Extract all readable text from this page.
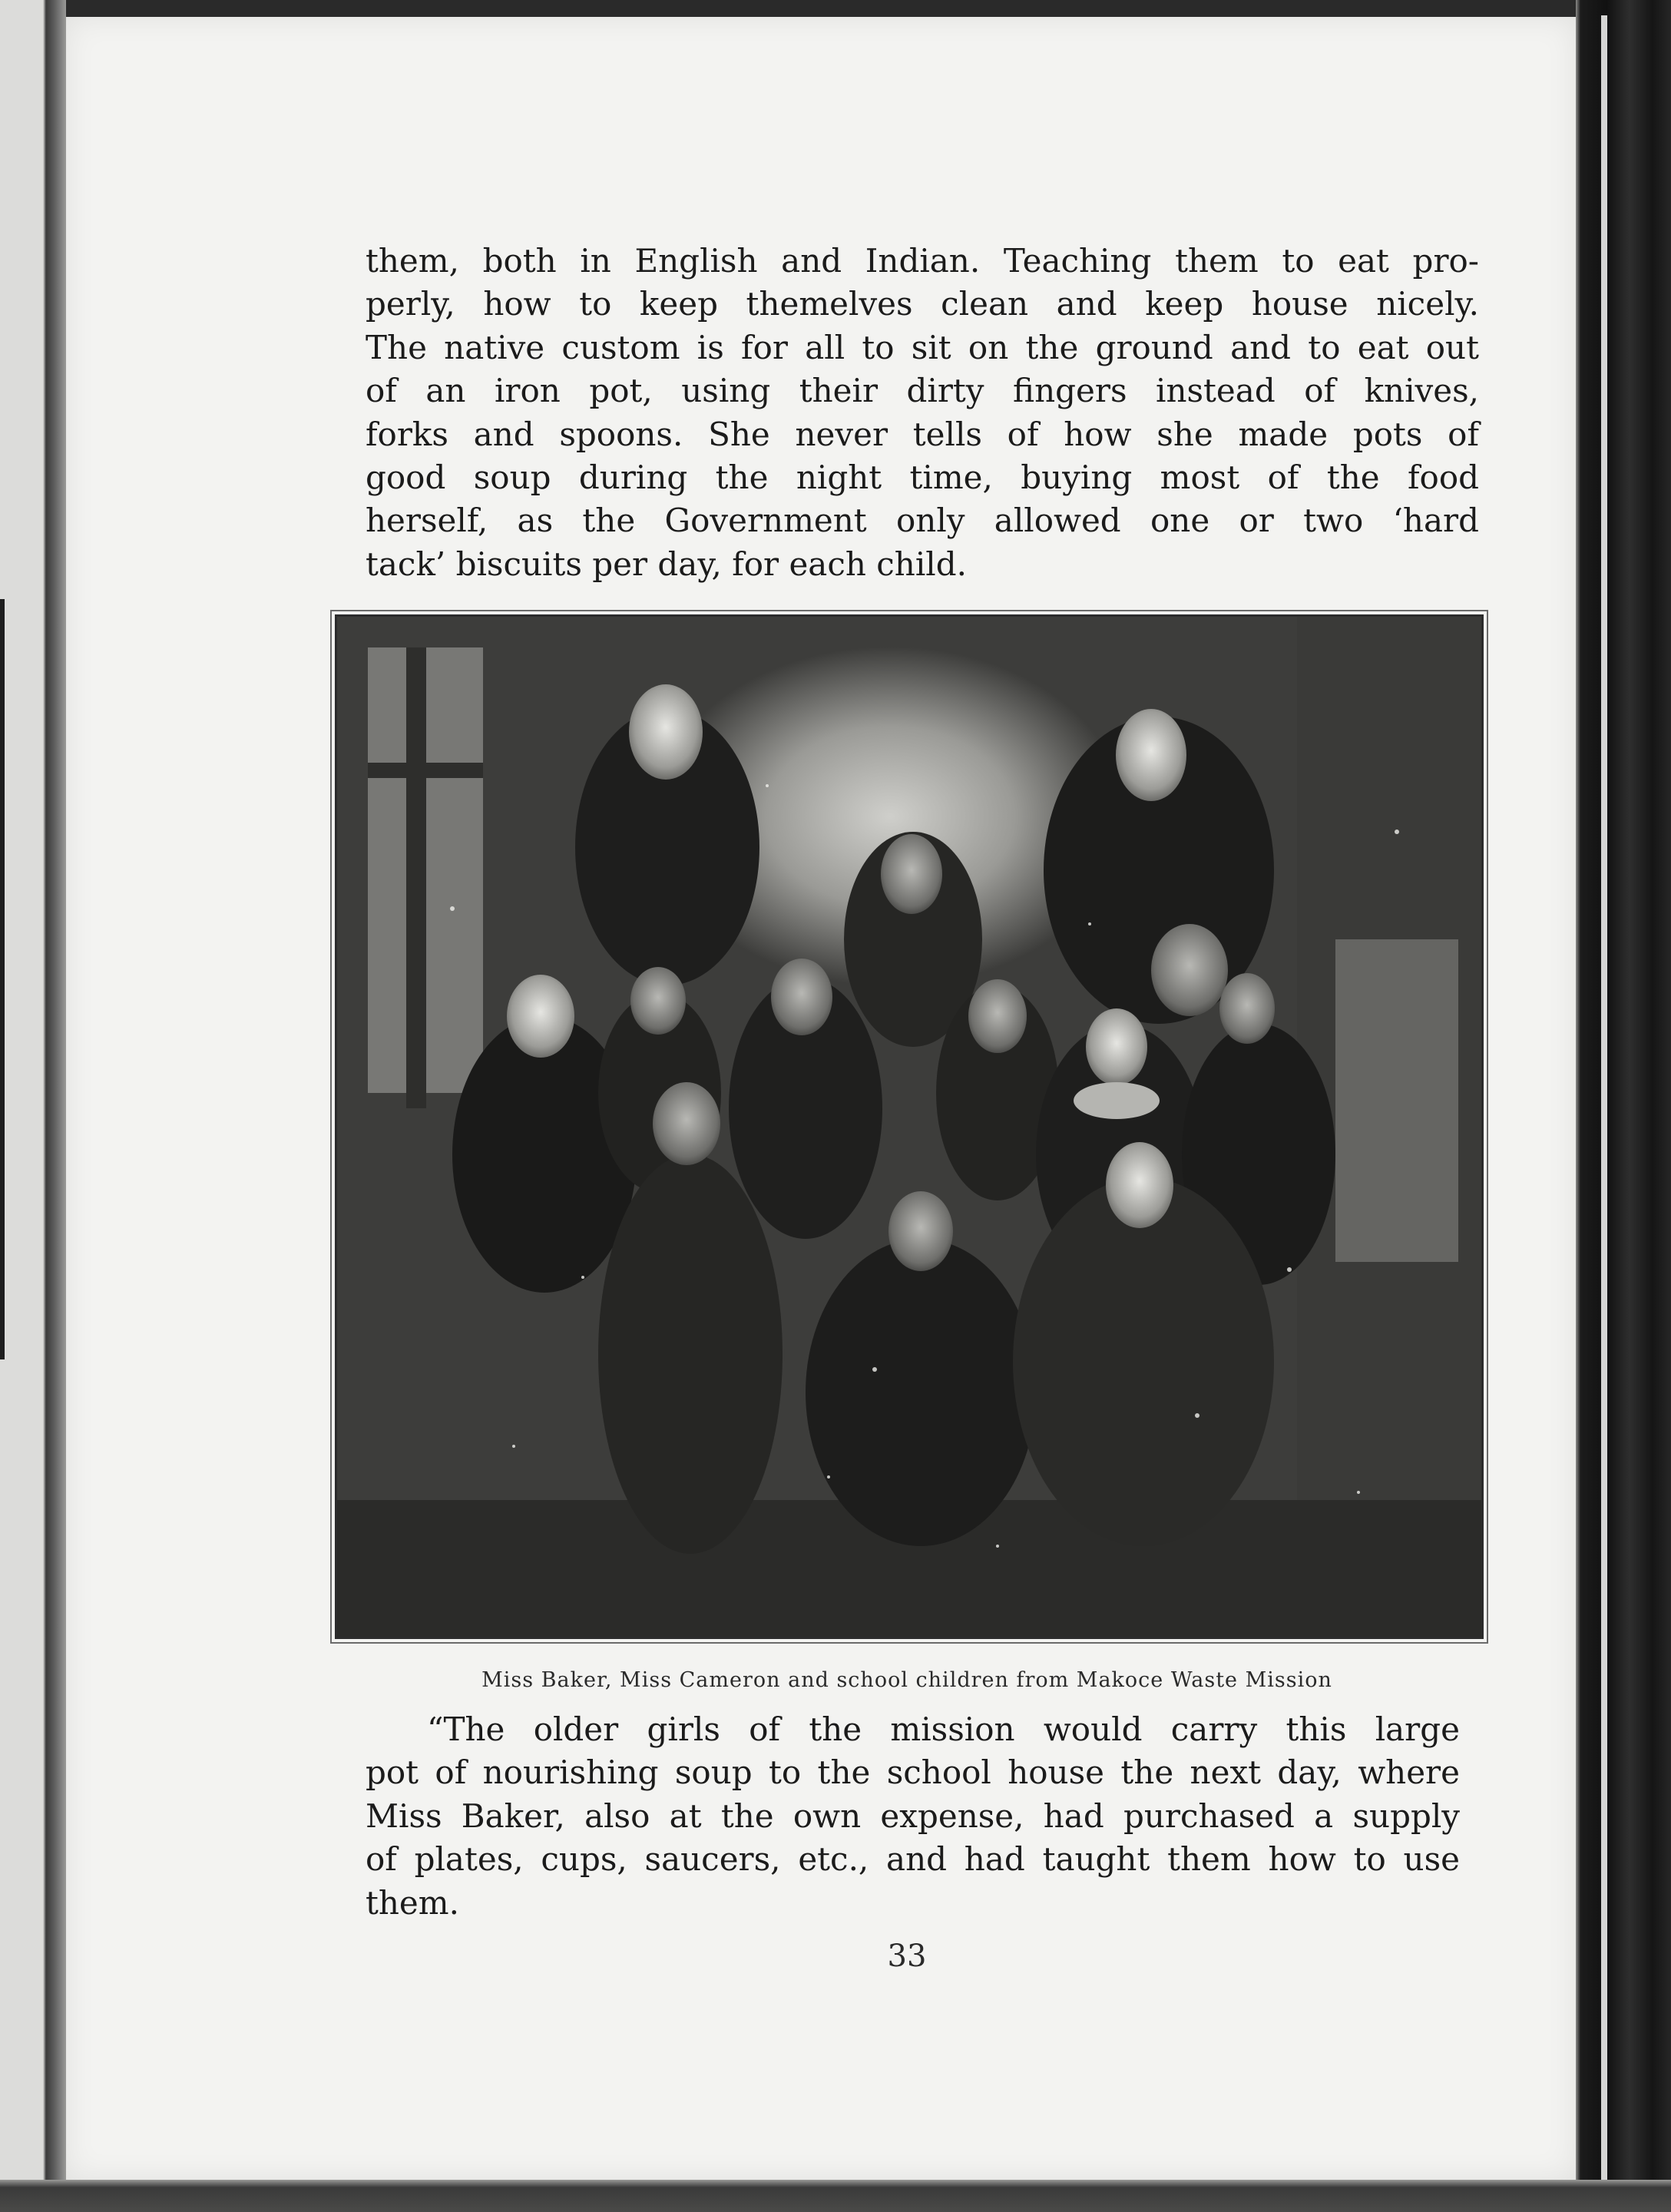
them, both in English and Indian. Teaching them to eat pro-
perly, how to keep themelves clean and keep house nicely.
The native custom is for all to sit on the ground and to eat out
of an iron pot, using their dirty fingers instead of knives,
forks and spoons. She never tells of how she made pots of
good soup during the night time, buying most of the food
herself, as the Government only allowed one or two ‘hard
tack’ biscuits per day, for each child.

Miss Baker, Miss Cameron and school children from Makoce Waste Mission

“The older girls of the mission would carry this large
pot of nourishing soup to the school house the next day, where
Miss Baker, also at the own expense, had purchased a supply
of plates, cups, saucers, etc., and had taught them how to use
them.

33
